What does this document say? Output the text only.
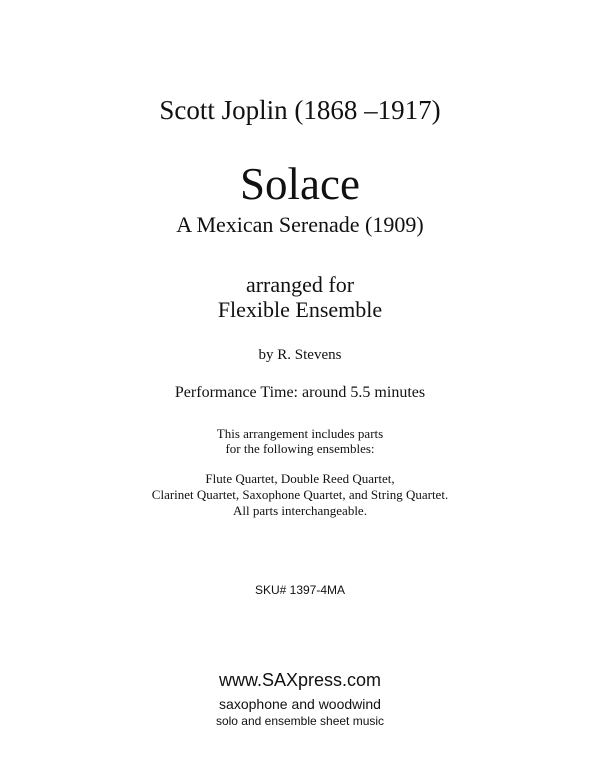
Scott Joplin (1868 –1917)

Solace

A Mexican Serenade (1909)

arranged for

Flexible Ensemble

by R. Stevens

Performance Time: around 5.5 minutes

This arrangement includes parts

for the following ensembles:

Flute Quartet, Double Reed Quartet,

Clarinet Quartet, Saxophone Quartet, and String Quartet.

All parts interchangeable.

SKU# 1397-4MA

www.SAXpress.com

saxophone and woodwind

solo and ensemble sheet music
